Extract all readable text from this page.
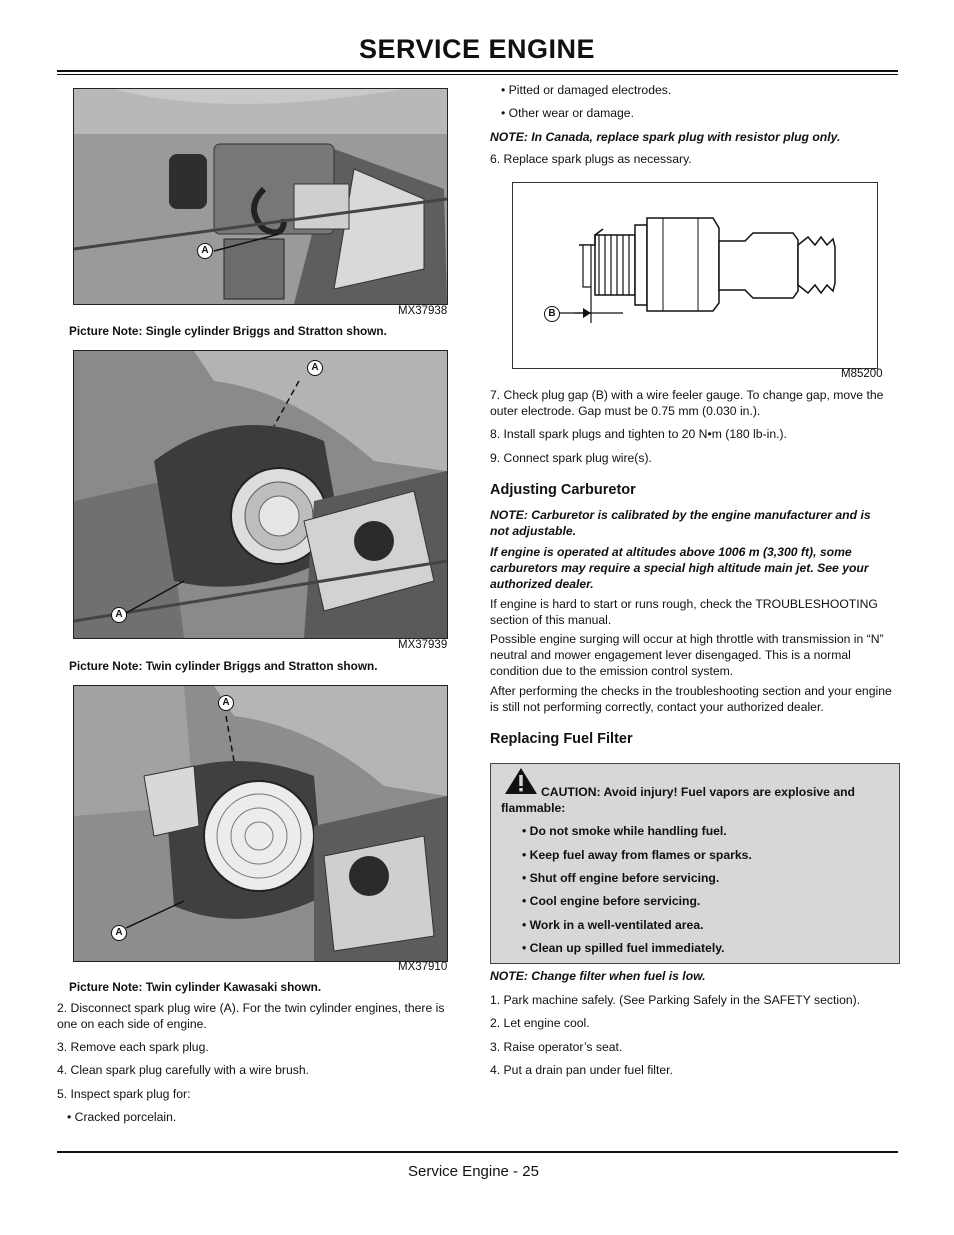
SERVICE ENGINE
A
MX37938
Picture Note: Single cylinder Briggs and Stratton shown.
A
A
MX37939
Picture Note: Twin cylinder Briggs and Stratton shown.
A
A
MX37910
Picture Note: Twin cylinder Kawasaki shown.
2. Disconnect spark plug wire (A). For the twin cylinder engines, there is one on each side of engine.
3. Remove each spark plug.
4. Clean spark plug carefully with a wire brush.
5. Inspect spark plug for:
• Cracked porcelain.
• Pitted or damaged electrodes.
• Other wear or damage.
NOTE: In Canada, replace spark plug with resistor plug only.
6. Replace spark plugs as necessary.
B
M85200
7. Check plug gap (B) with a wire feeler gauge. To change gap, move the outer electrode. Gap must be 0.75 mm (0.030 in.).
8. Install spark plugs and tighten to 20 N•m (180 lb-in.).
9. Connect spark plug wire(s).
Adjusting Carburetor
NOTE: Carburetor is calibrated by the engine manufacturer and is not adjustable.
If engine is operated at altitudes above 1006 m (3,300 ft), some carburetors may require a special high altitude main jet. See your authorized dealer.
If engine is hard to start or runs rough, check the TROUBLESHOOTING section of this manual.
Possible engine surging will occur at high throttle with transmission in “N” neutral and mower engagement lever disengaged. This is a normal condition due to the emission control system.
After performing the checks in the troubleshooting section and your engine is still not performing correctly, contact your authorized dealer.
Replacing Fuel Filter
CAUTION: Avoid injury! Fuel vapors are explosive and flammable:
• Do not smoke while handling fuel.
• Keep fuel away from flames or sparks.
• Shut off engine before servicing.
• Cool engine before servicing.
• Work in a well-ventilated area.
• Clean up spilled fuel immediately.
NOTE: Change filter when fuel is low.
1. Park machine safely. (See Parking Safely in the SAFETY section).
2. Let engine cool.
3. Raise operator’s seat.
4. Put a drain pan under fuel filter.
Service Engine - 25
